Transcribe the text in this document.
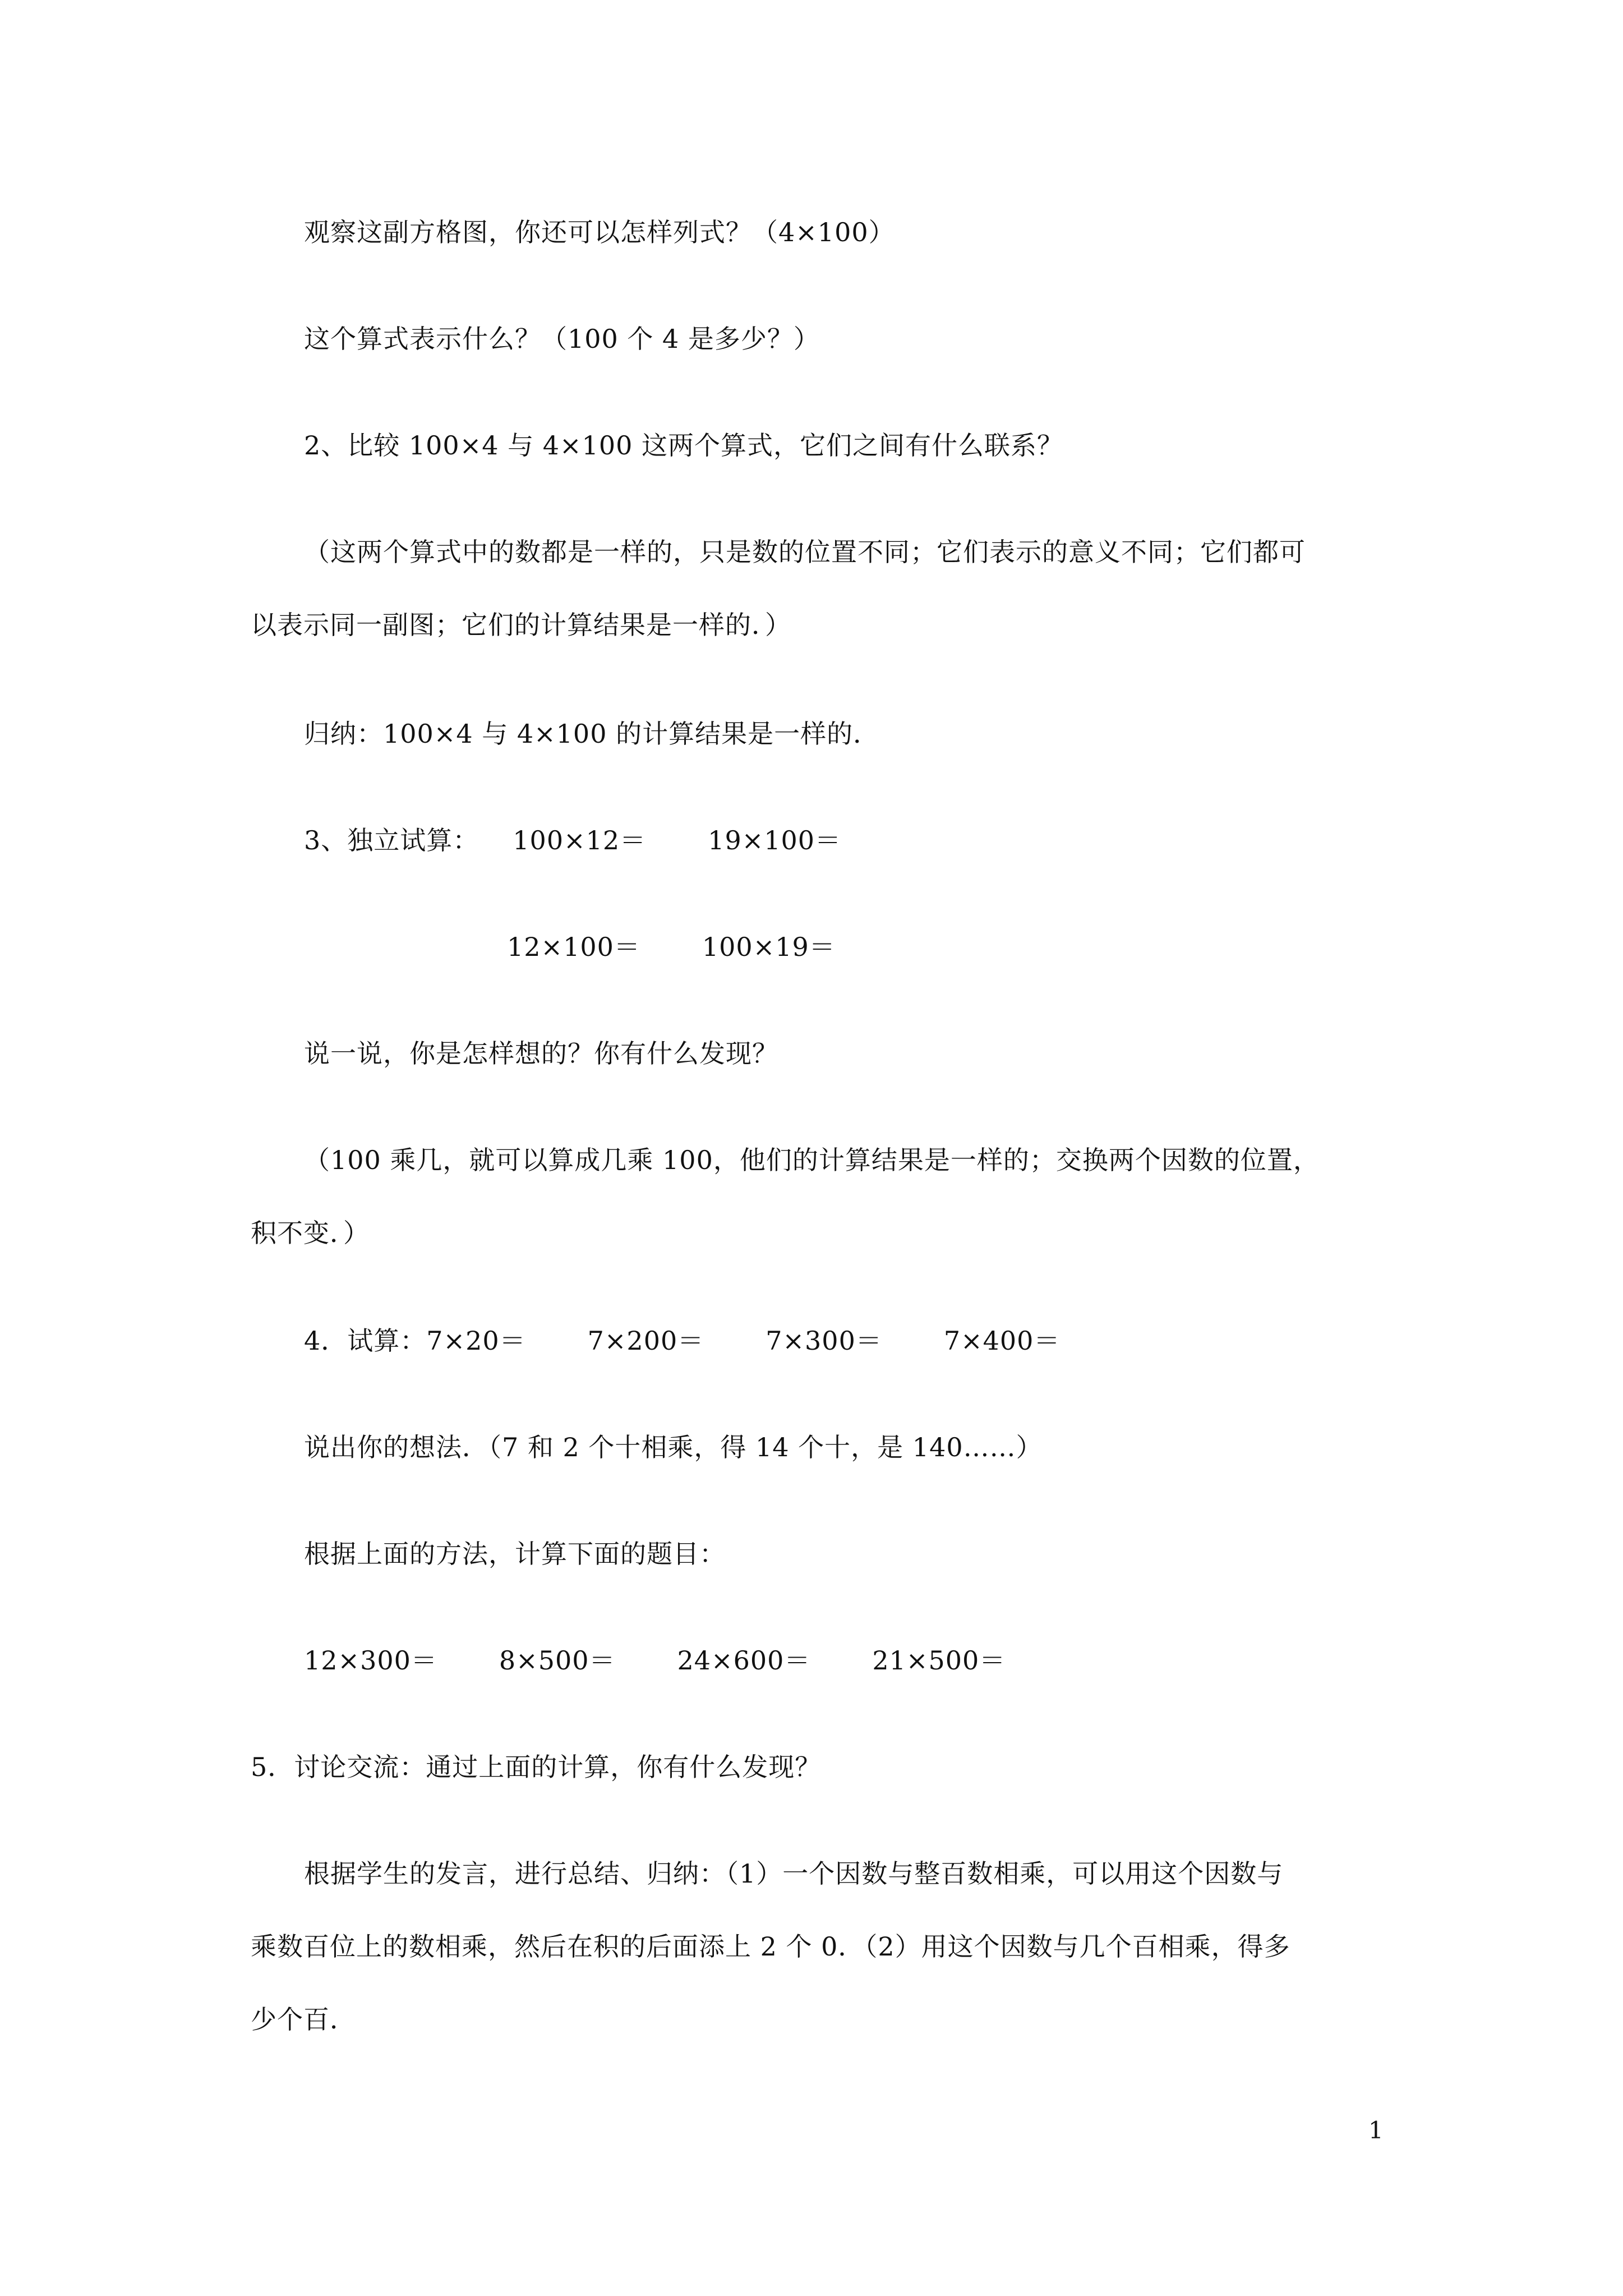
观察这副方格图，你还可以怎样列式？（4×100）
这个算式表示什么？（100 个 4 是多少？）
2、比较 100×4 与 4×100 这两个算式，它们之间有什么联系？
（这两个算式中的数都是一样的，只是数的位置不同；它们表示的意义不同；它们都可
以表示同一副图；它们的计算结果是一样的．）
归纳：100×4 与 4×100 的计算结果是一样的．
3、独立试算： 100×12＝ 19×100＝
12×100＝ 100×19＝
说一说，你是怎样想的？你有什么发现？
（100 乘几，就可以算成几乘 100，他们的计算结果是一样的；交换两个因数的位置，
积不变．）
4．试算：7×20＝ 7×200＝ 7×300＝ 7×400＝
说出你的想法．（7 和 2 个十相乘，得 14 个十，是 140……）
根据上面的方法，计算下面的题目：
12×300＝ 8×500＝ 24×600＝ 21×500＝
5．讨论交流：通过上面的计算，你有什么发现？
根据学生的发言，进行总结、归纳：（1）一个因数与整百数相乘，可以用这个因数与
乘数百位上的数相乘，然后在积的后面添上 2 个 0．（2）用这个因数与几个百相乘，得多
少个百．
1
